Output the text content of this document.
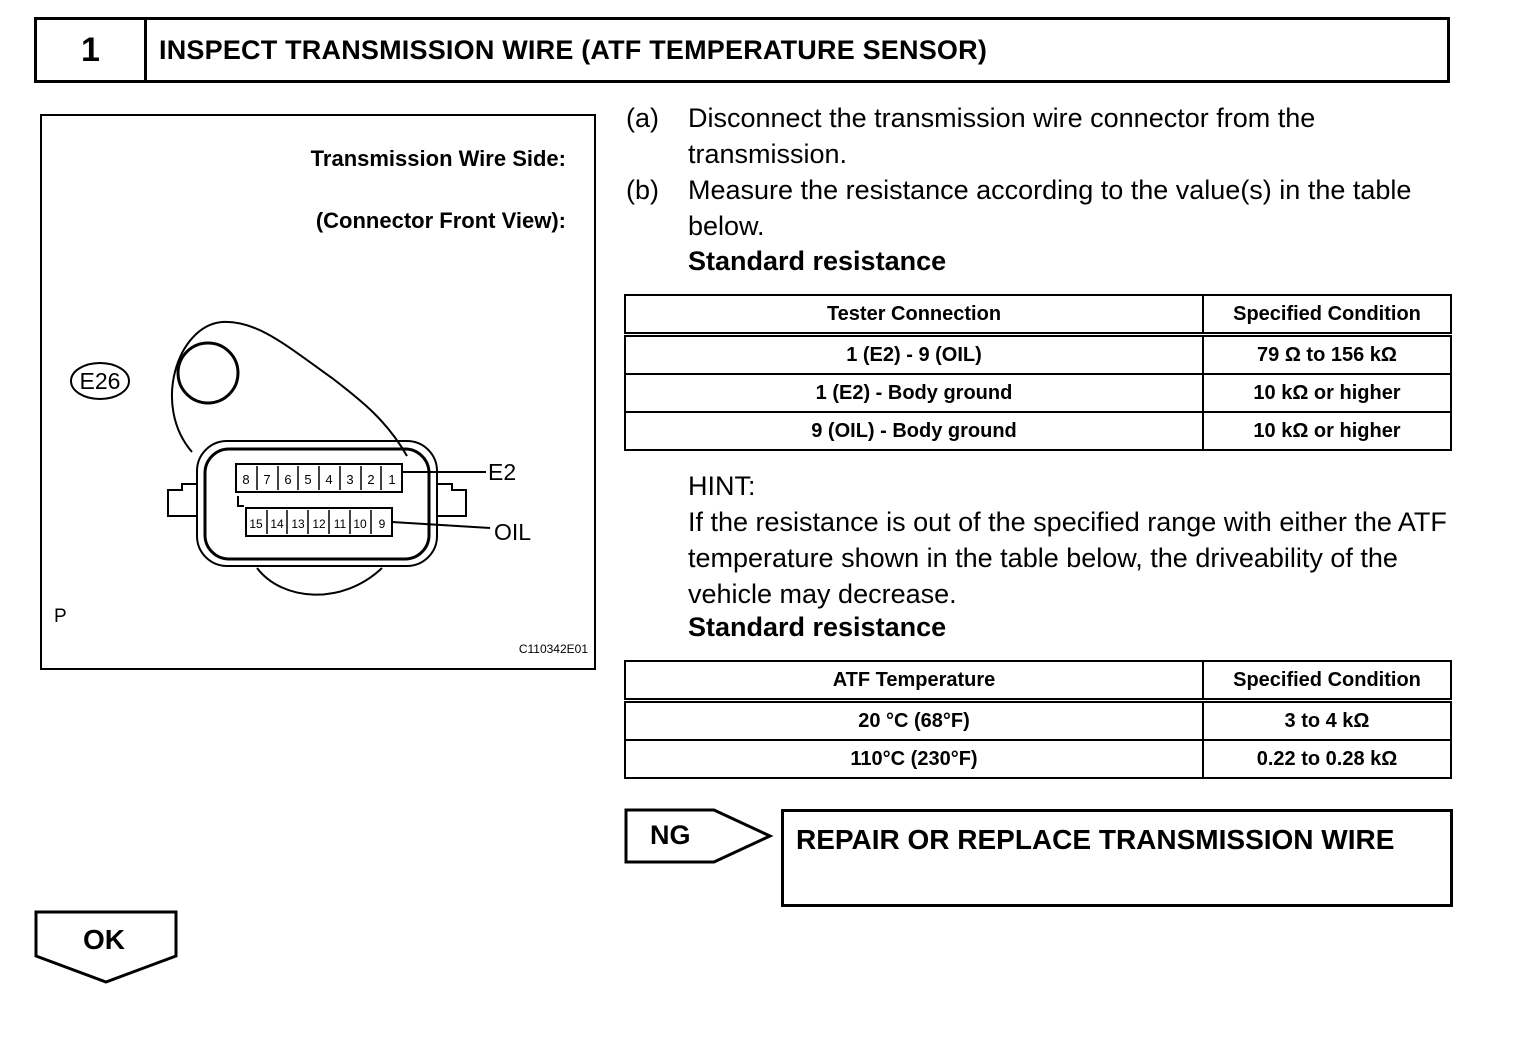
1	INSPECT TRANSMISSION WIRE (ATF TEMPERATURE SENSOR)
Transmission Wire Side:
(Connector Front View):
8 7 6 5 4 3 2 1
15 14 13 12 11 10 9
E26
E2
OIL
P
C110342E01
(a) Disconnect the transmission wire connector from the transmission.
(b) Measure the resistance according to the value(s) in the table below.
Standard resistance
Tester Connection	Specified Condition
1 (E2) - 9 (OIL)	79 Ω to 156 kΩ
1 (E2) - Body ground	10 kΩ or higher
9 (OIL) - Body ground	10 kΩ or higher
HINT:
If the resistance is out of the specified range with either the ATF temperature shown in the table below, the driveability of the vehicle may decrease.
Standard resistance
ATF Temperature	Specified Condition
20 °C (68°F)	3 to 4 kΩ
110°C (230°F)	0.22 to 0.28 kΩ
NG	REPAIR OR REPLACE TRANSMISSION WIRE
OK
